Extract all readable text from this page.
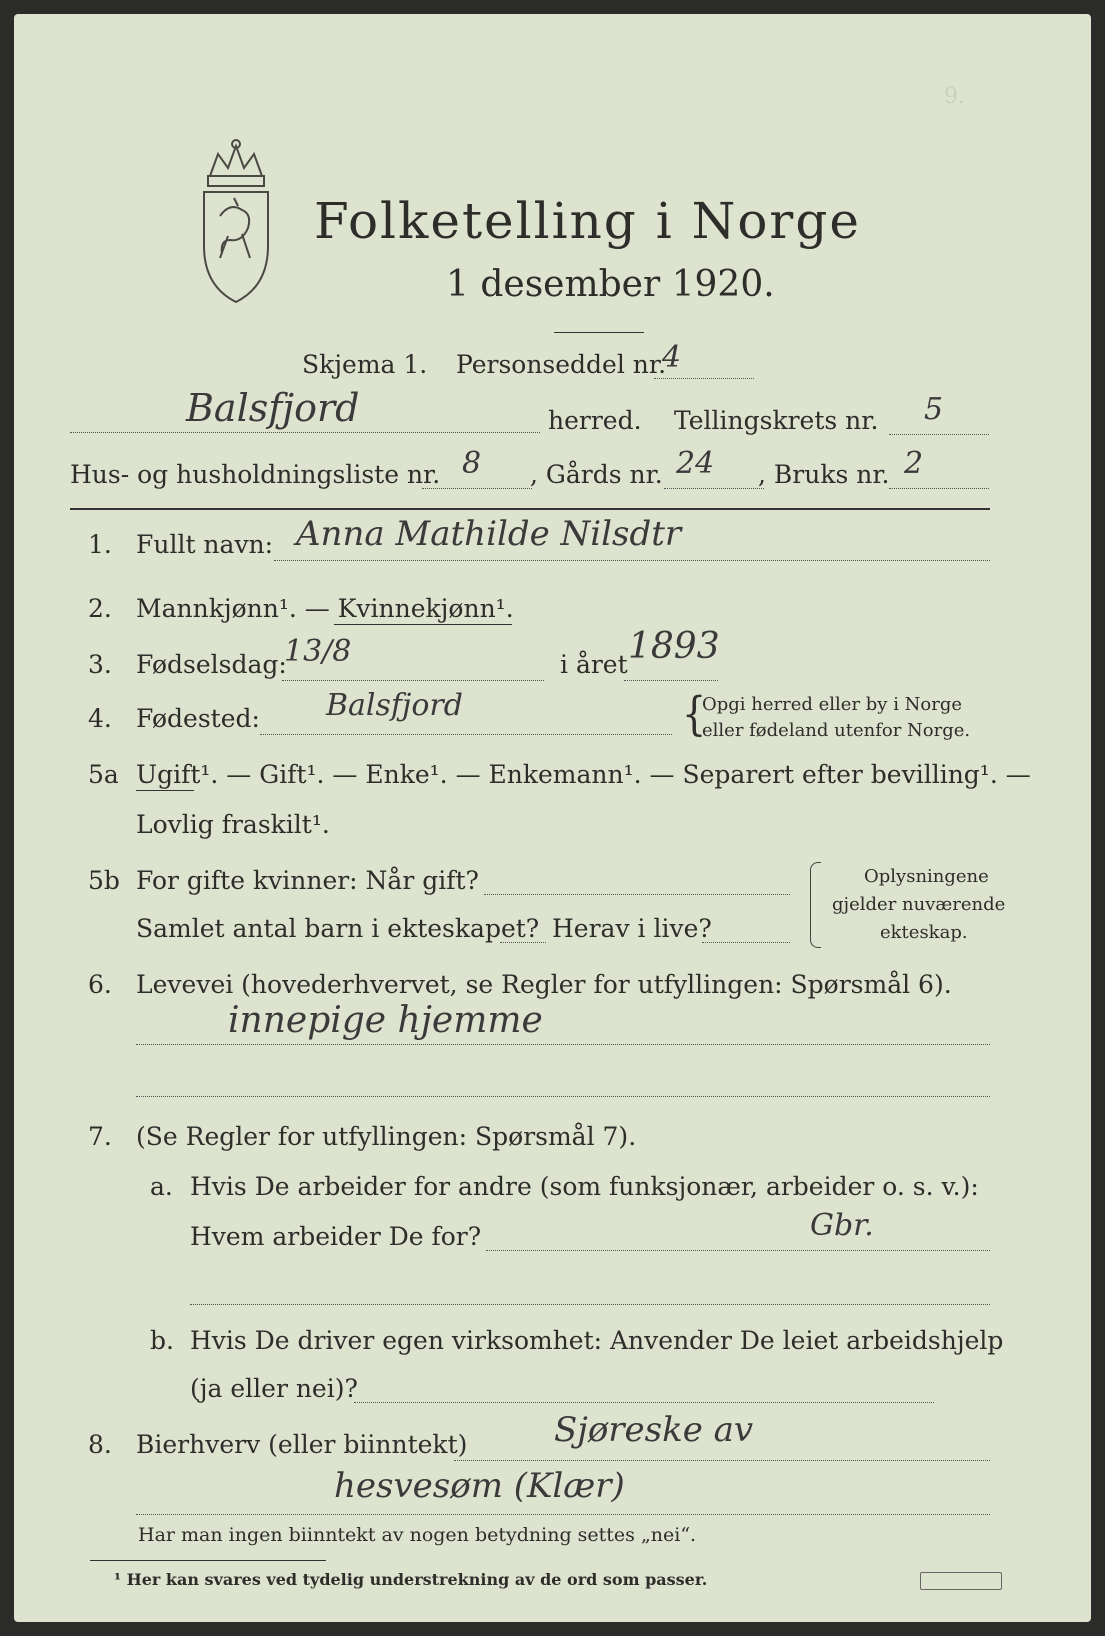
9.
Folketelling i Norge
1 desember 1920.
Skjema 1. Personseddel nr.
4
Balsfjord	herred. Tellingskrets nr. 5
Hus- og husholdningsliste nr. 8 , Gårds nr. 24 , Bruks nr. 2
1. Fullt navn: Anna Mathilde Nilsdtr
2. Mannkjønn¹. — Kvinnekjønn¹.
3. Fødselsdag:
13/8	i året 1893
4. Fødested: Balsfjord	{
Opgi herred eller by i Norge
eller fødeland utenfor Norge.
5a Ugift¹. — Gift¹. — Enke¹. — Enkemann¹. — Separert efter bevilling¹. —
Lovlig fraskilt¹.
5b For gifte kvinner: Når gift?
Samlet antal barn i ekteskapet? Herav i live?
Oplysningene
gjelder nuværende
ekteskap.
6. Levevei (hovederhvervet, se Regler for utfyllingen: Spørsmål 6).
innepige hjemme
7. (Se Regler for utfyllingen: Spørsmål 7).
a. Hvis De arbeider for andre (som funksjonær, arbeider o. s. v.):
Hvem arbeider De for?	Gbr.
b. Hvis De driver egen virksomhet: Anvender De leiet arbeidshjelp
(ja eller nei)?
8. Bierhverv (eller biinntekt)	Sjøreske av
hesvesøm (Klær)
Har man ingen biinntekt av nogen betydning settes „nei“.
¹ Her kan svares ved tydelig understrekning av de ord som passer.
